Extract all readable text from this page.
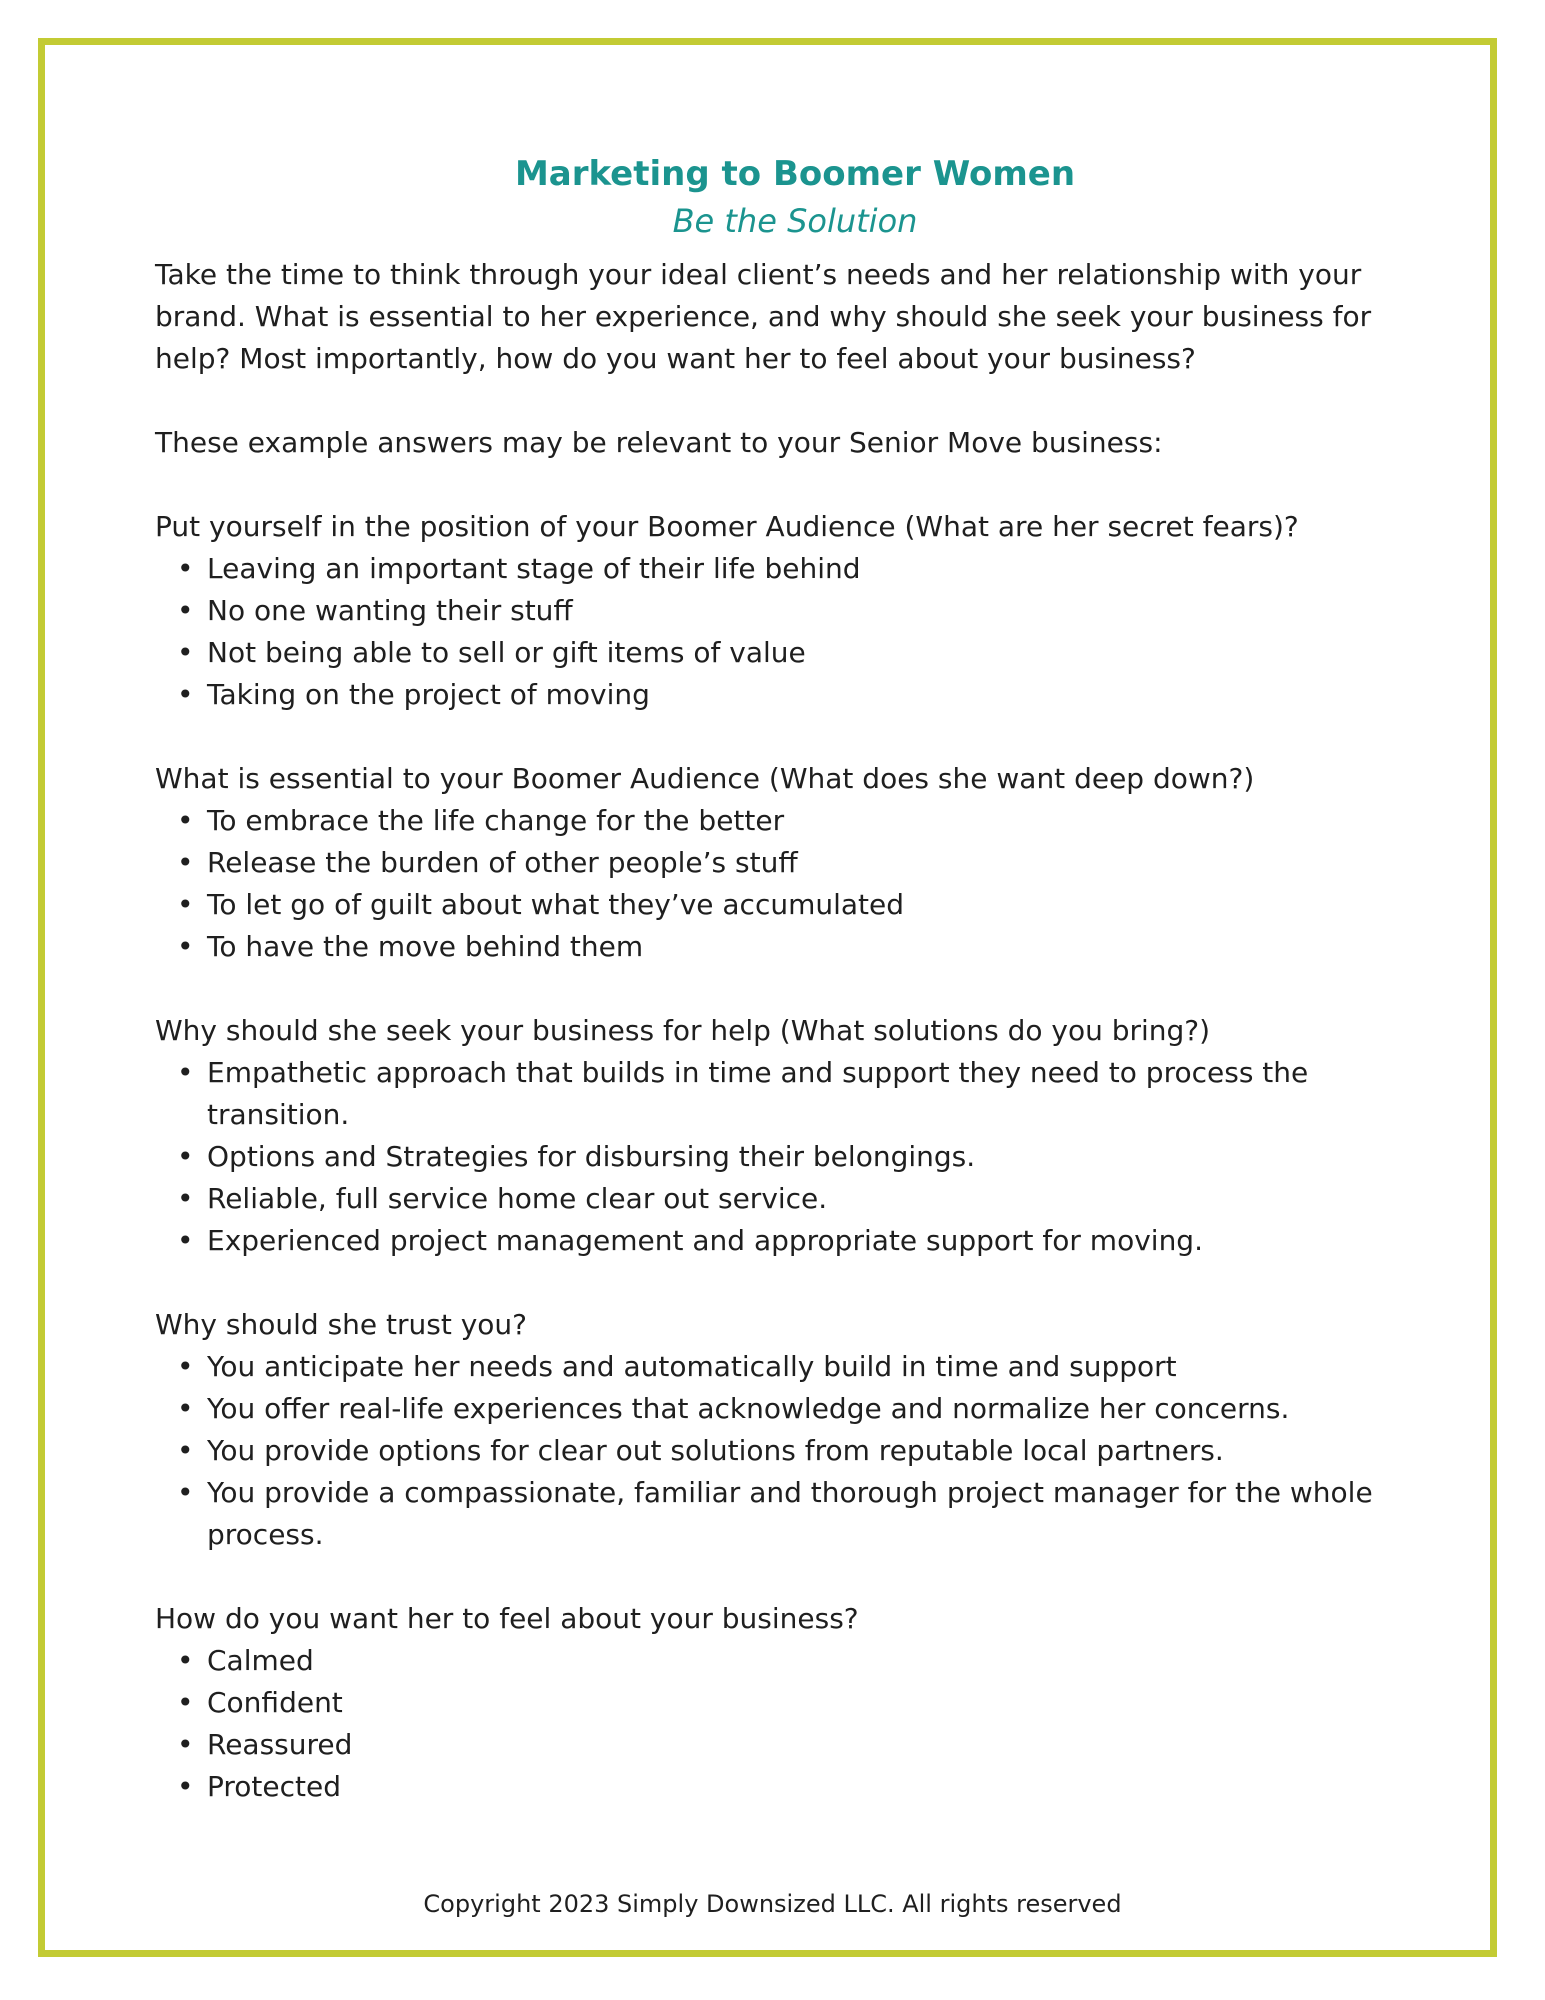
Marketing to Boomer Women
Be the Solution

Take the time to think through your ideal client’s needs and her relationship with your brand. What is essential to her experience, and why should she seek your business for help? Most importantly, how do you want her to feel about your business?

These example answers may be relevant to your Senior Move business:

Put yourself in the position of your Boomer Audience (What are her secret fears)?

• Leaving an important stage of their life behind
• No one wanting their stuff
• Not being able to sell or gift items of value
• Taking on the project of moving

What is essential to your Boomer Audience (What does she want deep down?)

• To embrace the life change for the better
• Release the burden of other people’s stuff
• To let go of guilt about what they’ve accumulated
• To have the move behind them

Why should she seek your business for help (What solutions do you bring?)

• Empathetic approach that builds in time and support they need to process the transition.
• Options and Strategies for disbursing their belongings.
• Reliable, full service home clear out service.
• Experienced project management and appropriate support for moving.

Why should she trust you?

• You anticipate her needs and automatically build in time and support
• You offer real-life experiences that acknowledge and normalize her concerns.
• You provide options for clear out solutions from reputable local partners.
• You provide a compassionate, familiar and thorough project manager for the whole process.

How do you want her to feel about your business?

• Calmed
• Confident
• Reassured
• Protected
Copyright 2023 Simply Downsized LLC. All rights reserved
